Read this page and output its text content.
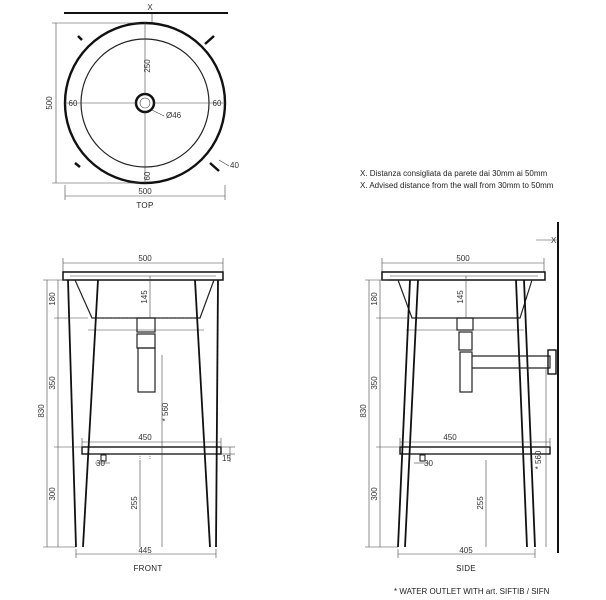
X
250
60	60
60
Ø46
40
500
500
TOP
X. Distanza consigliata da parete dai 30mm ai 50mm
X. Advised distance from the wall from 30mm to 50mm
500
180
350
830
300
145
* 560
450
15
30
255
445
FRONT
X
500
180
350
830
300
145
* 560
450
30
255
405
SIDE
* WATER OUTLET WITH art. SIFTIB / SIFN
